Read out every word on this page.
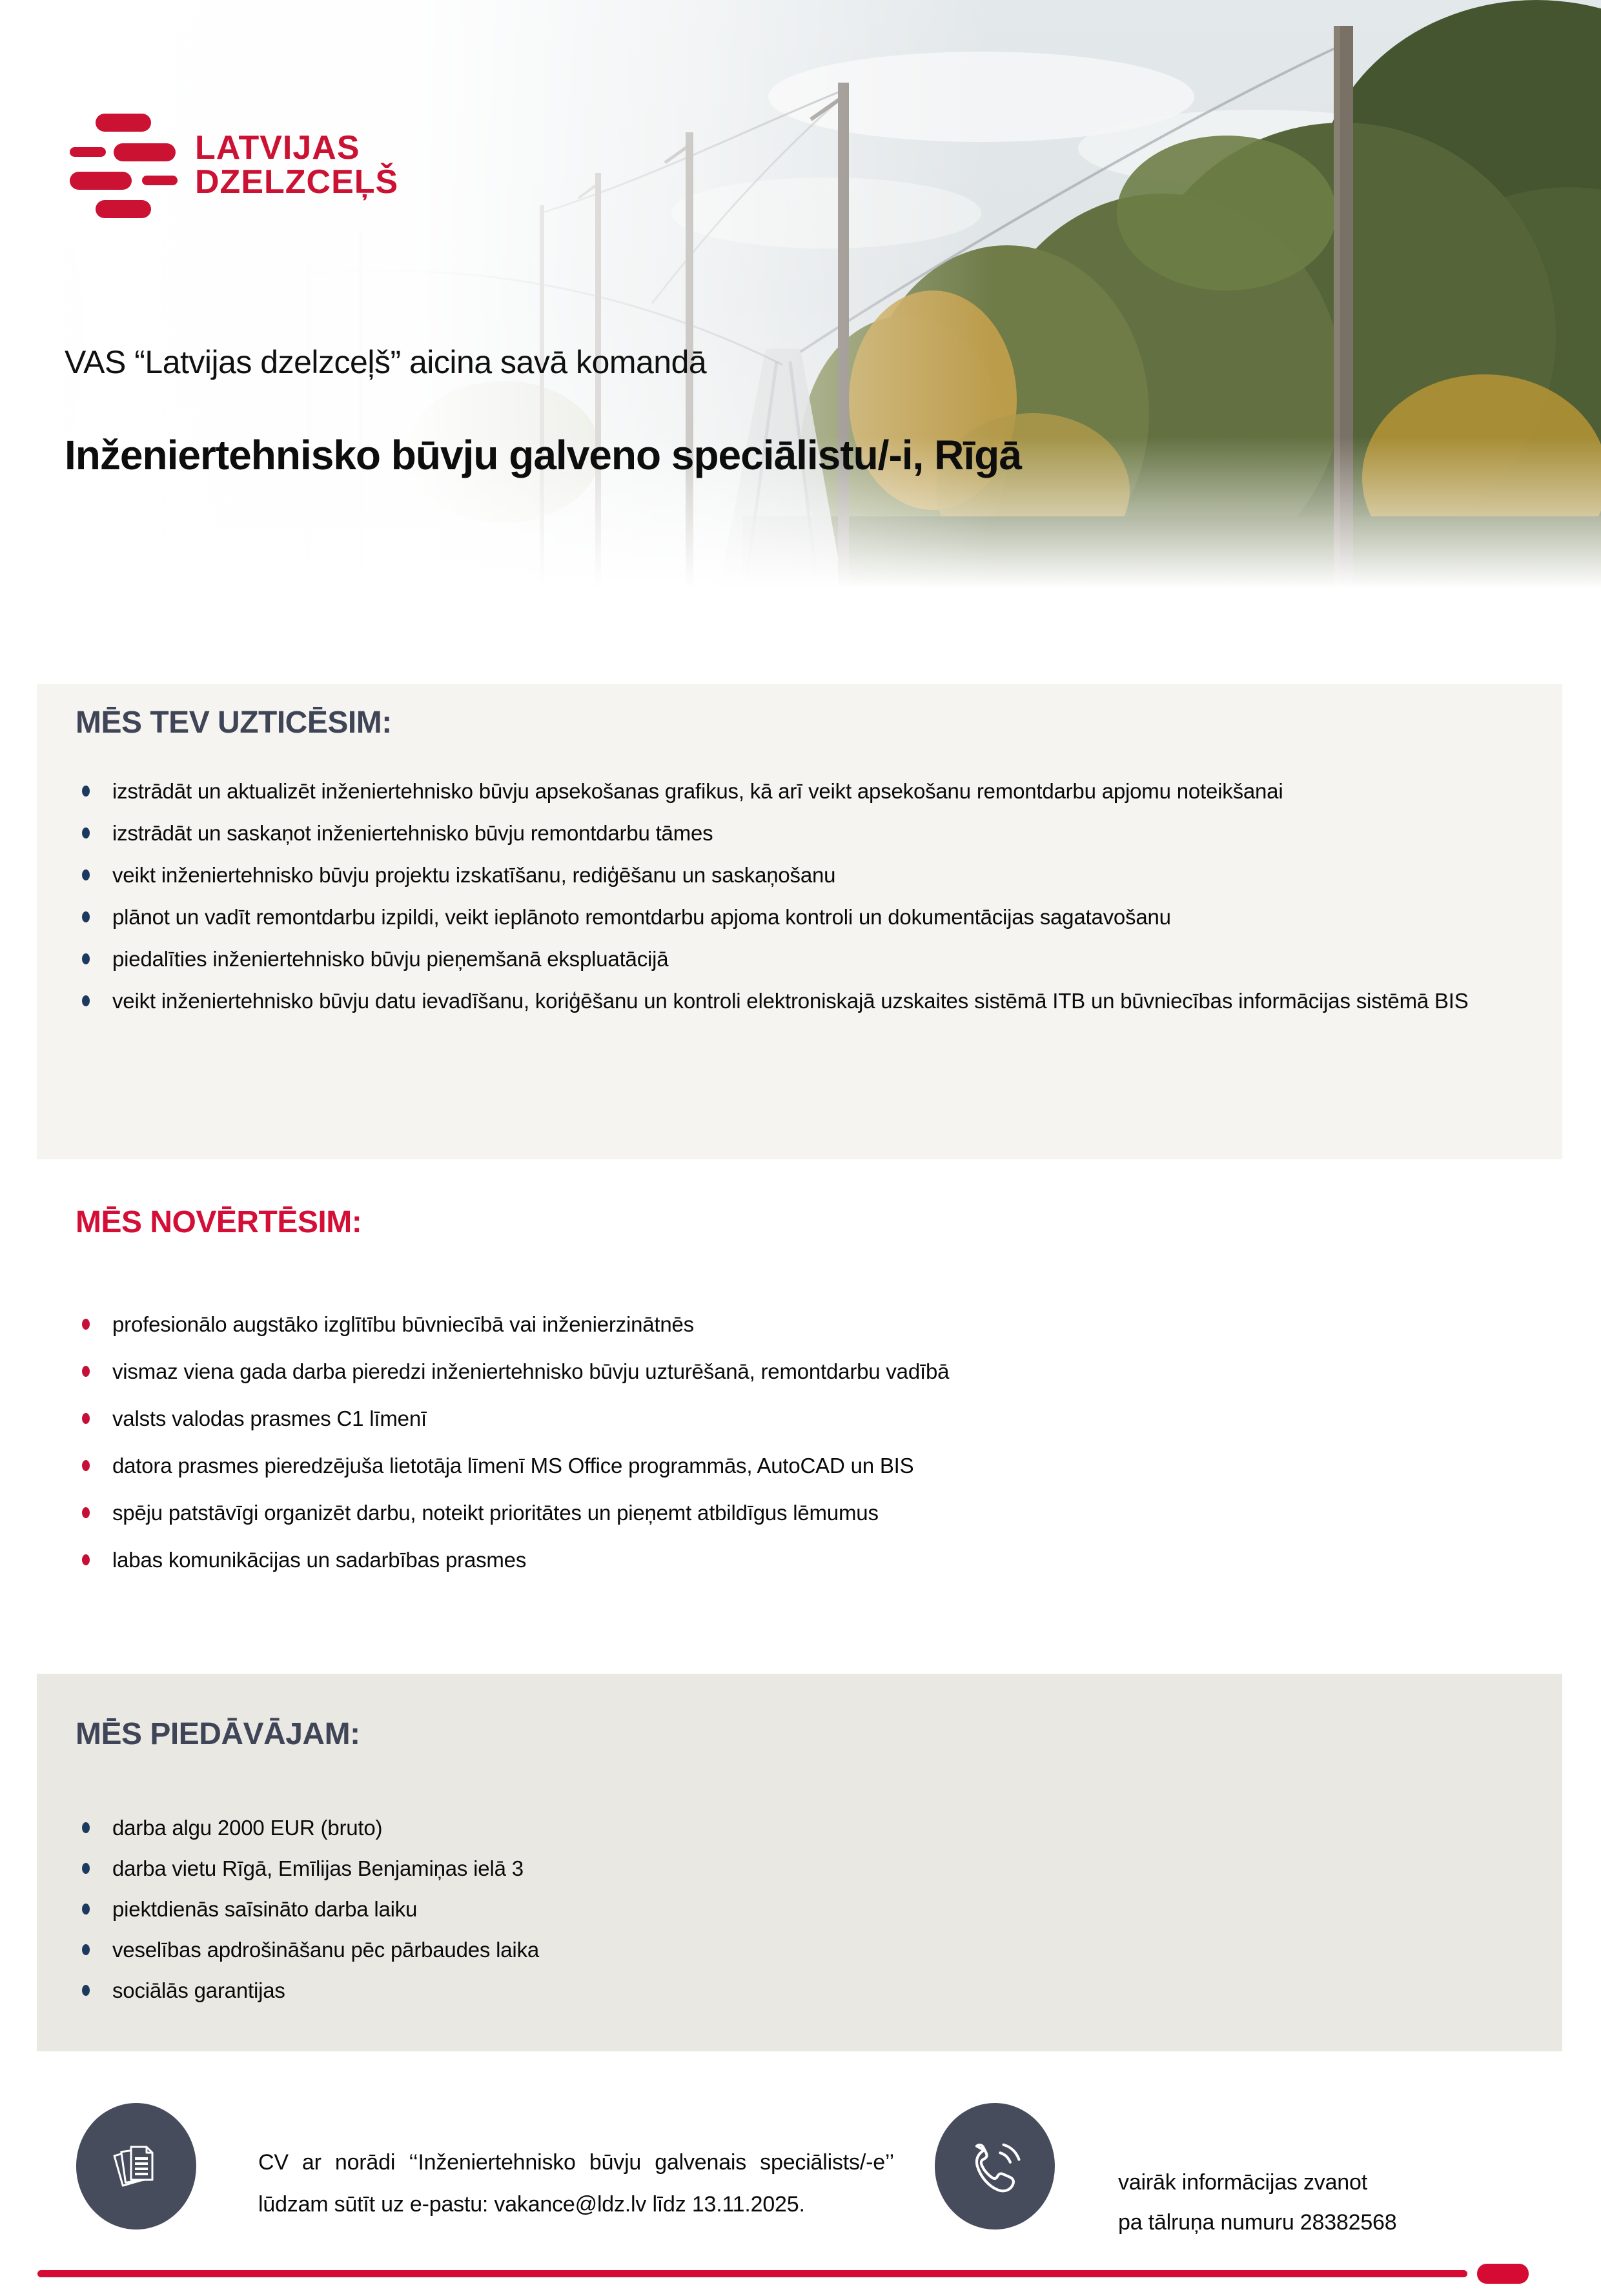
LATVIJAS
DZELZCEĻŠ
VAS “Latvijas dzelzceļš” aicina savā komandā
Inženiertehnisko būvju galveno speciālistu/-i, Rīgā
MĒS TEV UZTICĒSIM:
izstrādāt un aktualizēt inženiertehnisko būvju apsekošanas grafikus, kā arī veikt apsekošanu remontdarbu apjomu noteikšanai
izstrādāt un saskaņot inženiertehnisko būvju remontdarbu tāmes
veikt inženiertehnisko būvju projektu izskatīšanu, rediģēšanu un saskaņošanu
plānot un vadīt remontdarbu izpildi, veikt ieplānoto remontdarbu apjoma kontroli un dokumentācijas sagatavošanu
piedalīties inženiertehnisko būvju pieņemšanā ekspluatācijā
veikt inženiertehnisko būvju datu ievadīšanu, koriģēšanu un kontroli elektroniskajā uzskaites sistēmā ITB un būvniecības informācijas sistēmā BIS
MĒS NOVĒRTĒSIM:
profesionālo augstāko izglītību būvniecībā vai inženierzinātnēs
vismaz viena gada darba pieredzi inženiertehnisko būvju uzturēšanā, remontdarbu vadībā
valsts valodas prasmes C1 līmenī
datora prasmes pieredzējuša lietotāja līmenī MS Office programmās, AutoCAD un BIS
spēju patstāvīgi organizēt darbu, noteikt prioritātes un pieņemt atbildīgus lēmumus
labas komunikācijas un sadarbības prasmes
MĒS PIEDĀVĀJAM:
darba algu 2000 EUR (bruto)
darba vietu Rīgā, Emīlijas Benjamiņas ielā 3
piektdienās saīsināto darba laiku
veselības apdrošināšanu pēc pārbaudes laika
sociālās garantijas

CV ar norādi ‘‘Inženiertehnisko būvju galvenais speciālists/-e’’ lūdzam sūtīt uz e-pastu: vakance@ldz.lv līdz 13.11.2025.

vairāk informācijas zvanot
pa tālruņa numuru 28382568
